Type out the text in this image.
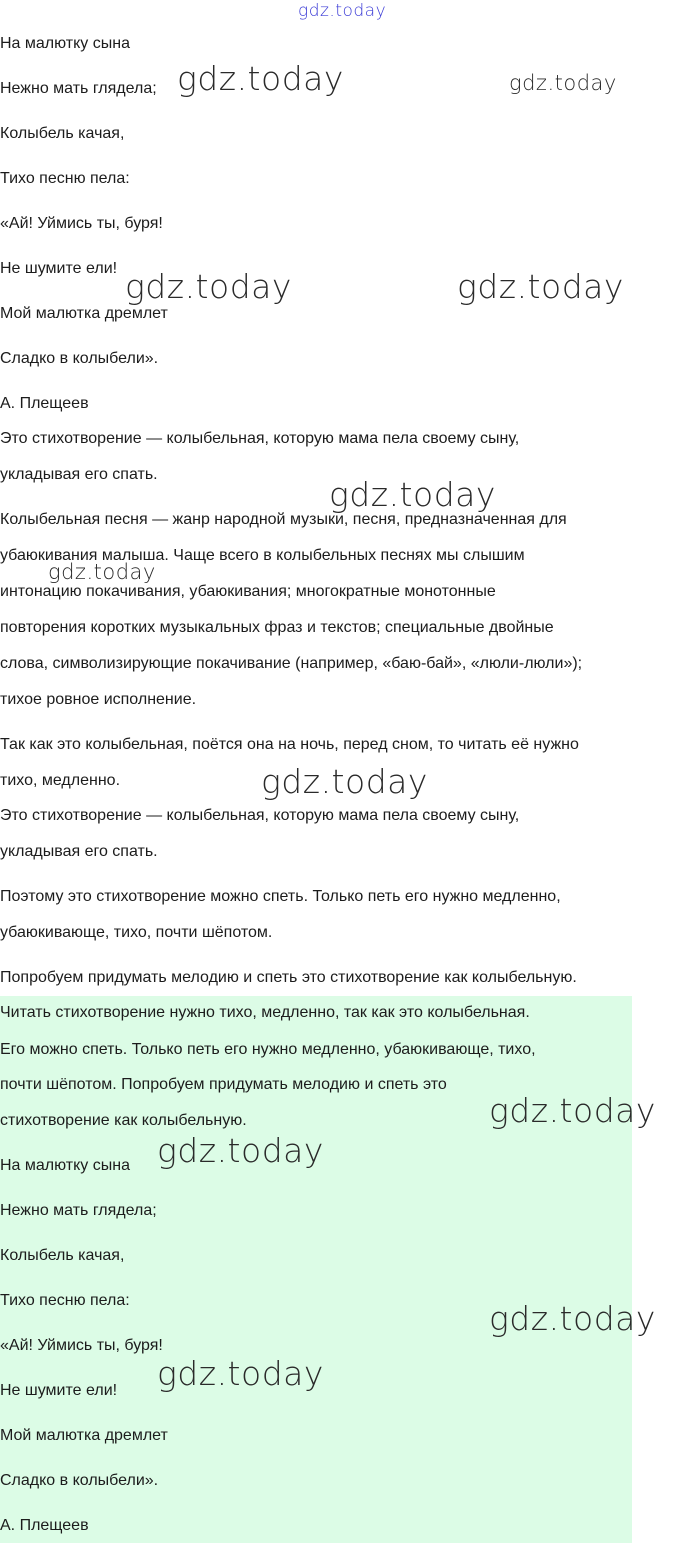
На малютку сына
Нежно мать глядела;
Колыбель качая,
Тихо песню пела:
«Ай! Уймись ты, буря!
Не шумите ели!
Мой малютка дремлет
Сладко в колыбели».
А. Плещеев
Это стихотворение — колыбельная, которую мама пела своему сыну,
укладывая его спать.
Колыбельная песня — жанр народной музыки, песня, предназначенная для
убаюкивания малыша. Чаще всего в колыбельных песнях мы слышим
интонацию покачивания, убаюкивания; многократные монотонные
повторения коротких музыкальных фраз и текстов; специальные двойные
слова, символизирующие покачивание (например, «баю-бай», «люли-люли»);
тихое ровное исполнение.
Так как это колыбельная, поётся она на ночь, перед сном, то читать её нужно
тихо, медленно.
Это стихотворение — колыбельная, которую мама пела своему сыну,
укладывая его спать.
Поэтому это стихотворение можно спеть. Только петь его нужно медленно,
убаюкивающе, тихо, почти шёпотом.
Попробуем придумать мелодию и спеть это стихотворение как колыбельную.
Читать стихотворение нужно тихо, медленно, так как это колыбельная.
Его можно спеть. Только петь его нужно медленно, убаюкивающе, тихо,
почти шёпотом. Попробуем придумать мелодию и спеть это
стихотворение как колыбельную.
На малютку сына
Нежно мать глядела;
Колыбель качая,
Тихо песню пела:
«Ай! Уймись ты, буря!
Не шумите ели!
Мой малютка дремлет
Сладко в колыбели».
А. Плещеев
gdz.today
gdz.today	gdz.today
gdz.today	gdz.today
gdz.today
gdz.today
gdz.today
gdz.today
gdz.today
gdz.today
gdz.today
